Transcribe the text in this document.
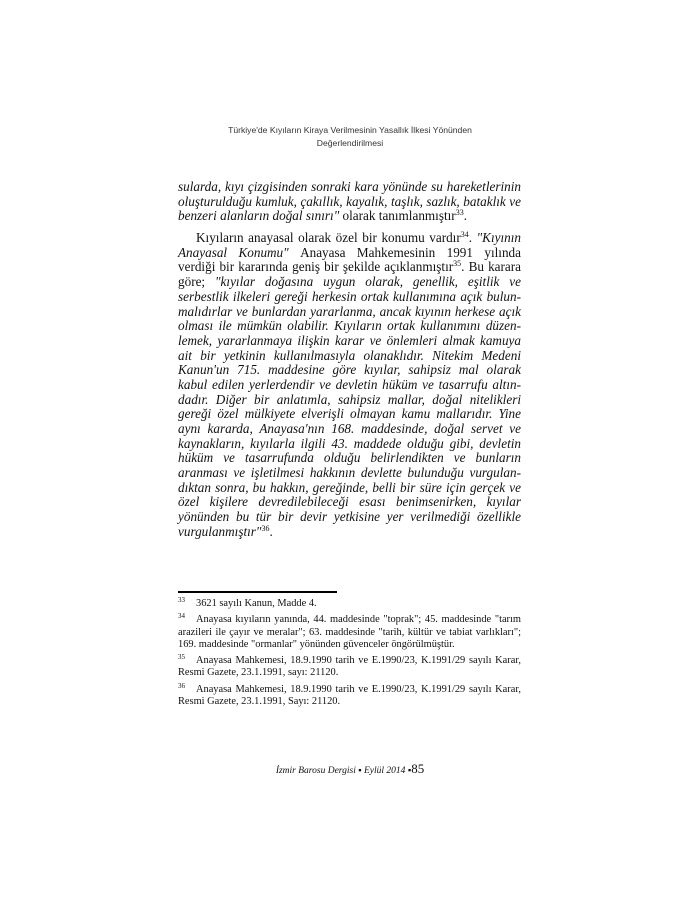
Türkiye'de Kıyıların Kiraya Verilmesinin Yasallık İlkesi Yönünden
Değerlendirilmesi
sularda, kıyı çizgisinden sonraki kara yönünde su hareketlerinin
oluşturulduğu kumluk, çakıllık, kayalık, taşlık, sazlık, bataklık ve
benzeri alanların doğal sınırı" olarak tanımlanmıştır$^{33}$.
Kıyıların anayasal olarak özel bir konumu vardır$^{34}$. "Kıyının
Anayasal Konumu" Anayasa Mahkemesinin 1991 yılında
verdiği bir kararında geniş bir şekilde açıklanmıştır$^{35}$. Bu karara
göre; "kıyılar doğasına uygun olarak, genellik, eşitlik ve
serbestlik ilkeleri gereği herkesin ortak kullanımına açık bulun-
malıdırlar ve bunlardan yararlanma, ancak kıyının herkese açık
olması ile mümkün olabilir. Kıyıların ortak kullanımını düzen-
lemek, yararlanmaya ilişkin karar ve önlemleri almak kamuya
ait bir yetkinin kullanılmasıyla olanaklıdır. Nitekim Medeni
Kanun'un 715. maddesine göre kıyılar, sahipsiz mal olarak
kabul edilen yerlerdendir ve devletin hüküm ve tasarrufu altın-
dadır. Diğer bir anlatımla, sahipsiz mallar, doğal nitelikleri
gereği özel mülkiyete elverişli olmayan kamu mallarıdır. Yine
aynı kararda, Anayasa'nın 168. maddesinde, doğal servet ve
kaynakların, kıyılarla ilgili 43. maddede olduğu gibi, devletin
hüküm ve tasarrufunda olduğu belirlendikten ve bunların
aranması ve işletilmesi hakkının devlette bulunduğu vurgulan-
dıktan sonra, bu hakkın, gereğinde, belli bir süre için gerçek ve
özel kişilere devredilebileceği esası benimsenirken, kıyılar
yönünden bu tür bir devir yetkisine yer verilmediği özellikle
vurgulanmıştır"$^{36}$.
33	3621 sayılı Kanun, Madde 4.
34	Anayasa kıyıların yanında, 44. maddesinde "toprak"; 45. maddesinde "tarım arazileri ile çayır ve meralar"; 63. maddesinde "tarih, kültür ve tabiat varlıkları"; 169. maddesinde "ormanlar" yönünden güvenceler öngörülmüştür.
35	Anayasa Mahkemesi, 18.9.1990 tarih ve E.1990/23, K.1991/29 sayılı Karar, Resmi Gazete, 23.1.1991, sayı: 21120.
36	Anayasa Mahkemesi, 18.9.1990 tarih ve E.1990/23, K.1991/29 sayılı Karar, Resmi Gazete, 23.1.1991, Sayı: 21120.
İzmir Barosu Dergisi ▪ Eylül 2014 ▪85
